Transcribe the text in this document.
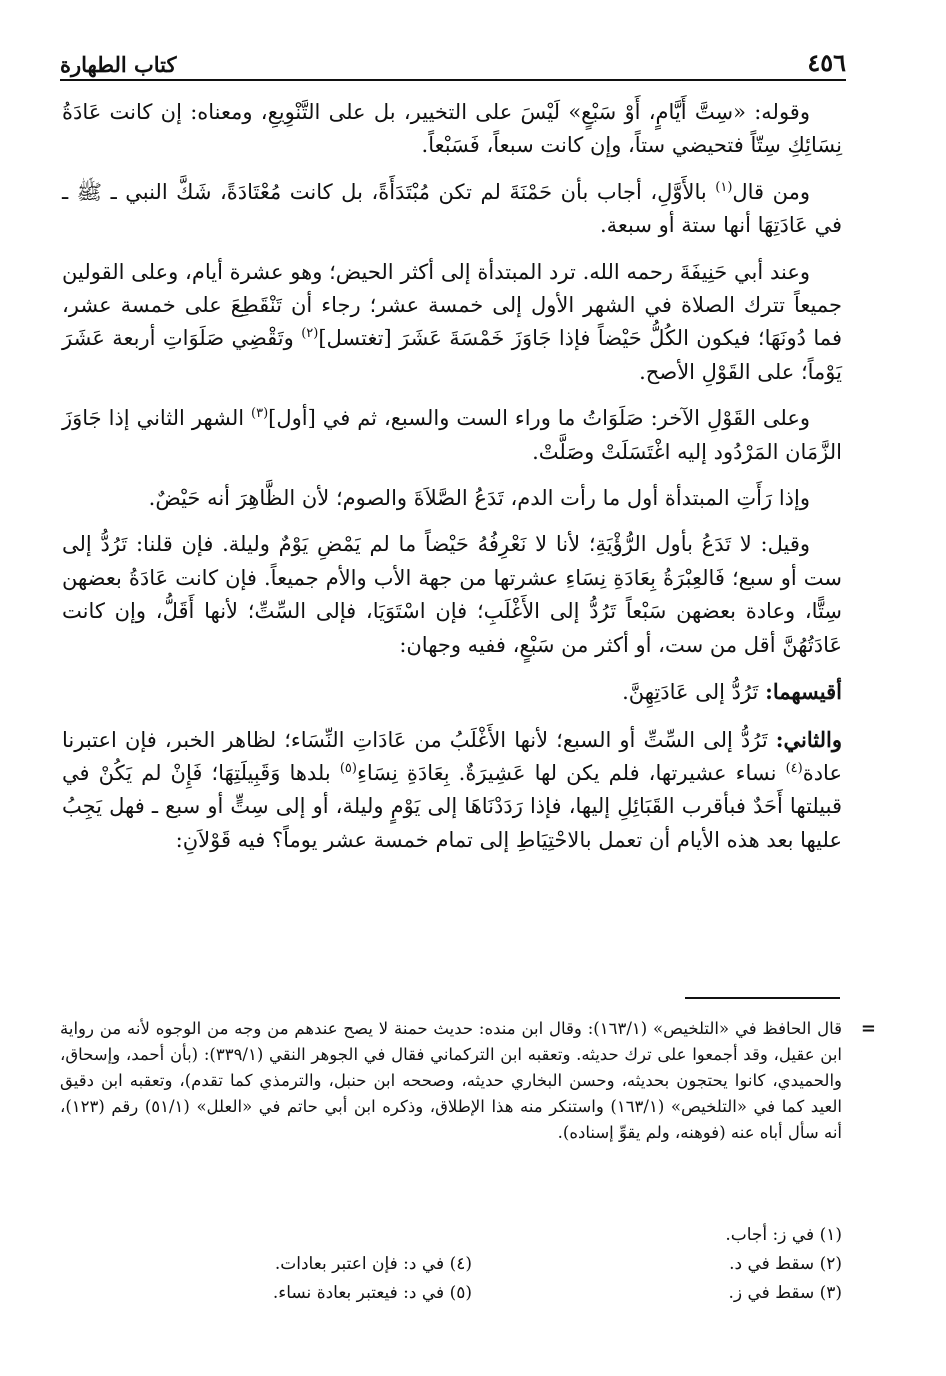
٤٥٦
كتاب الطهارة

وقوله: «سِتَّ أَيَّامٍ، أَوْ سَبْعٍ» لَيْسَ على التخيير، بل على التَّنْوِيعِ، ومعناه: إن كانت عَادَةُ نِسَائِكِ سِتّاً فتحيضي ستاً، وإن كانت سبعاً، فَسَبْعاً.

ومن قال$^{(١)}$ بالأَوَّلِ، أجاب بأن حَمْنَةَ لم تكن مُبْتَدَأَةً، بل كانت مُعْتَادَةً، شَكَّ النبي ـ ﷺ ـ في عَادَتِهَا أنها ستة أو سبعة.

وعند أبي حَنِيفَةَ رحمه الله. ترد المبتدأة إلى أكثر الحيض؛ وهو عشرة أيام، وعلى القولين جميعاً تترك الصلاة في الشهر الأول إلى خمسة عشر؛ رجاء أن تَنْقَطِعَ على خمسة عشر، فما دُونَهَا؛ فيكون الكُلُّ حَيْضاً فإذا جَاوَزَ خَمْسَةَ عَشَرَ [تغتسل]$^{(٢)}$ وتَقْضِي صَلَوَاتِ أربعة عَشَرَ يَوْماً؛ على القَوْلِ الأصح.

وعلى القَوْلِ الآخر: صَلَوَاتُ ما وراء الست والسبع، ثم في [أول]$^{(٣)}$ الشهر الثاني إذا جَاوَزَ الزَّمَان المَرْدُود إليه اغْتَسَلَتْ وصَلَّتْ.

وإذا رَأَتِ المبتدأة أول ما رأت الدم، تَدَعُ الصَّلاَةَ والصوم؛ لأن الظَّاهِرَ أنه حَيْضٌ.

وقيل: لا تَدَعُ بأول الرُّؤْيَةِ؛ لأنا لا نَعْرِفُهُ حَيْضاً ما لم يَمْضِ يَوْمٌ وليلة. فإن قلنا: تَرُدُّ إلى ست أو سبع؛ فَالعِبْرَةُ بِعَادَةِ نِسَاءِ عشرتها من جهة الأب والأم جميعاً. فإن كانت عَادَةُ بعضهن سِتًّا، وعادة بعضهن سَبْعاً تَرُدُّ إلى الأَغْلَبِ؛ فإن اسْتَوَيَا، فإلى السِّتِّ؛ لأنها أَقَلُّ، وإن كانت عَادَتُهُنَّ أقل من ست، أو أكثر من سَبْعٍ، ففيه وجهان:

أقيسهما: تَرُدُّ إلى عَادَتِهِنَّ.

والثاني: تَرُدُّ إلى السِّتِّ أو السبع؛ لأنها الأَغْلَبُ من عَادَاتِ النِّسَاء؛ لظاهر الخبر، فإن اعتبرنا عادة$^{(٤)}$ نساء عشيرتها، فلم يكن لها عَشِيرَةٌ. بِعَادَةِ نِسَاءِ$^{(٥)}$ بلدها وَقَبِيلَتِهَا؛ فَإِنْ لم يَكُنْ في قبيلتها أَحَدٌ فبأقرب القَبَائِلِ إليها، فإذا رَدَدْنَاهَا إلى يَوْمٍ وليلة، أو إلى سِتٍّ أو سبع ـ فهل يَجِبُ عليها بعد هذه الأيام أن تعمل بالاحْتِيَاطِ إلى تمام خمسة عشر يوماً؟ فيه قَوْلاَنِ:

=

قال الحافظ في «التلخيص» (١٦٣/١): وقال ابن منده: حديث حمنة لا يصح عندهم من وجه من الوجوه لأنه من رواية ابن عقيل، وقد أجمعوا على ترك حديثه. وتعقبه ابن التركماني فقال في الجوهر النقي (٣٣٩/١): (بأن أحمد، وإسحاق، والحميدي، كانوا يحتجون بحديثه، وحسن البخاري حديثه، وصححه ابن حنبل، والترمذي كما تقدم)، وتعقبه ابن دقيق العيد كما في «التلخيص» (١٦٣/١) واستنكر منه هذا الإطلاق، وذكره ابن أبي حاتم في «العلل» (٥١/١) رقم (١٢٣)، أنه سأل أباه عنه (فوهنه، ولم يقوِّ إسناده).

(١) في ز: أجاب.
(٢) سقط في د.
(٤) في د: فإن اعتبر بعادات.
(٣) سقط في ز.
(٥) في د: فيعتبر بعادة نساء.
